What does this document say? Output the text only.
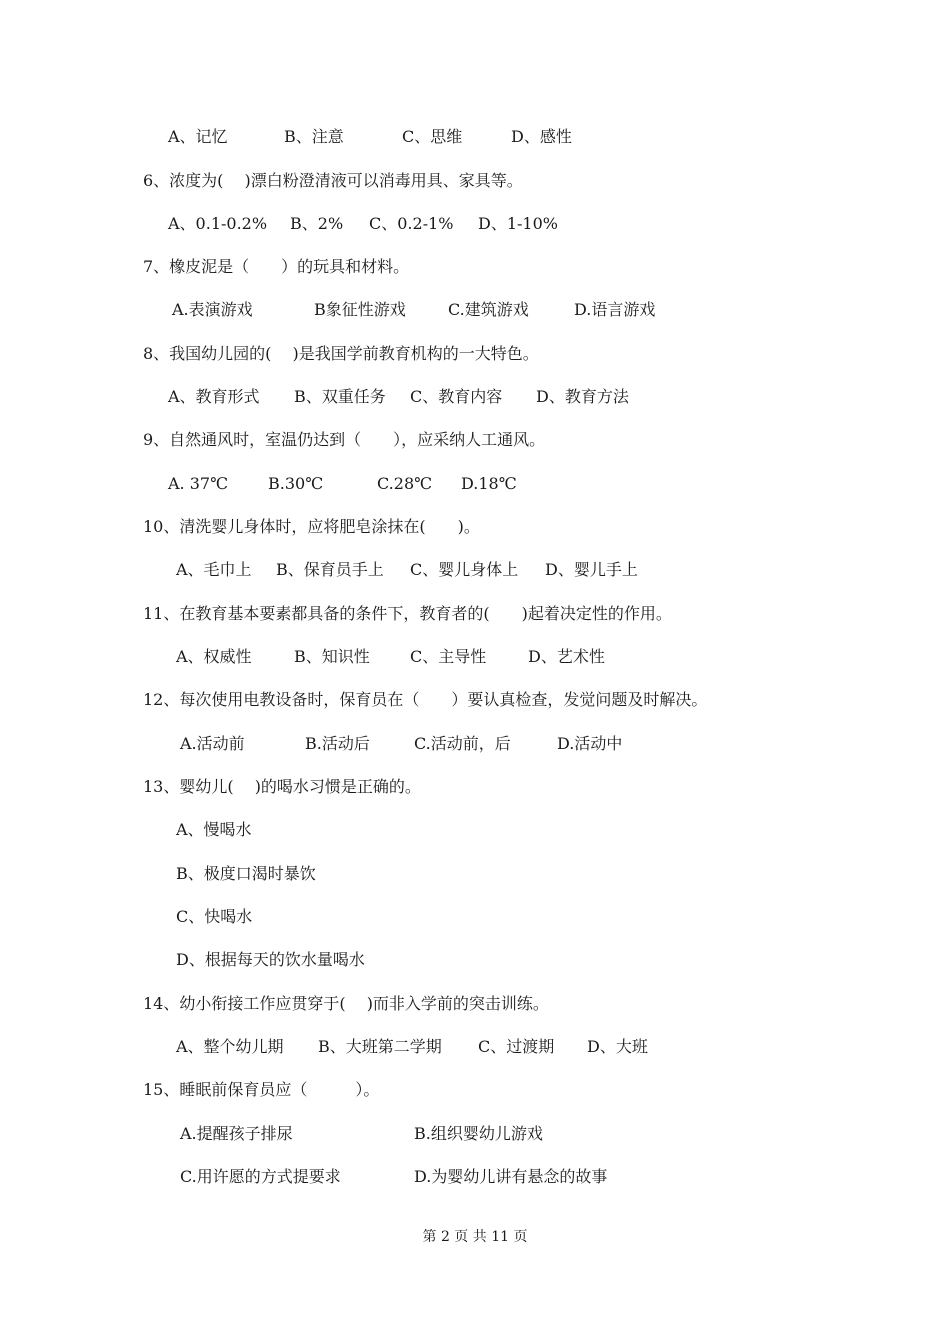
A、记忆	B、注意	C、思维	D、感性
6、浓度为(　 )漂白粉澄清液可以消毒用具、家具等。
A、0.1-0.2% B、2% C、0.2-1% D、1-10%
7、橡皮泥是（　　）的玩具和材料。
A.表演游戏	B象征性游戏	C.建筑游戏	D.语言游戏
8、我国幼儿园的(　 )是我国学前教育机构的一大特色。
A、教育形式 B、双重任务 C、教育内容 D、教育方法
9、自然通风时，室温仍达到（　　），应采纳人工通风。
A. 37℃	B.30℃	C.28℃ D.18℃
10、清洗婴儿身体时，应将肥皂涂抹在(　　)。
A、毛巾上 B、保育员手上 C、婴儿身体上 D、婴儿手上
11、在教育基本要素都具备的条件下，教育者的(　　)起着决定性的作用。
A、权威性	B、知识性	C、主导性	D、艺术性
12、每次使用电教设备时，保育员在（　　）要认真检查，发觉问题及时解决。
A.活动前	B.活动后	C.活动前，后	D.活动中
13、婴幼儿(　 )的喝水习惯是正确的。
A、慢喝水
B、极度口渴时暴饮
C、快喝水
D、根据每天的饮水量喝水
14、幼小衔接工作应贯穿于(　 )而非入学前的突击训练。
A、整个幼儿期 B、大班第二学期 C、过渡期 D、大班
15、睡眠前保育员应（　　　）。
A.提醒孩子排尿	B.组织婴幼儿游戏
C.用许愿的方式提要求	D.为婴幼儿讲有悬念的故事
第 2 页 共 11 页
